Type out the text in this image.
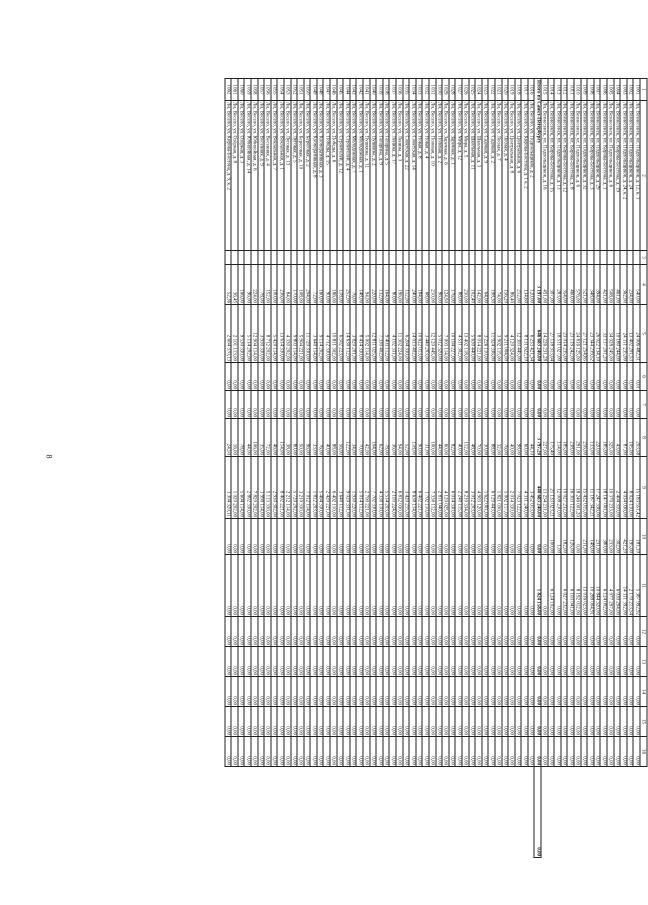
8
1	2	3	4	5	6	7	8	9	10	11	12	13	14	15	16	
1001	Лн, Вознесенск, ул. Подпольщиков, д. 12, к. 1		540,00	24 006 482,31	0,01	0,00	203,58	15 183 551,42	181,10	5 387 992,92	0,00	0,00	0,00	0,00	0,00	
1002	Лн, Вознесенск, ул. Подпольщиков, д. 24		234,00	13 402 201,53	0,00	0,00	105,00	8 024 110,00	195,00	2 170 213,54	0,00	0,00	0,00	0,00	0,00	
1003	Лн, Вознесенск, ул. Подпольщиков, д. 24, к. 2		362,00	24 111 235,00	0,00	0,00	87,00	4 034 036,00	421,20	14 111 392,00	0,00	0,00	0,00	0,00	0,00	
1004	Лн, Вознесенск, ул. Кирова-Бостона, д. 19		461,00	10 180 244,00	0,00	0,00	43,00	2 404 310,00	302,00	6 030 294,00	0,00	0,00	0,00	0,00	0,00	
1005	Лн, Вознесенск, ул. Подпольщиков, д. 6		508,00	34 028 245,00	0,00	0,00	325,00	10 370 233,00	233,00	4 077 297,00	0,00	0,00	0,00	0,00	0,00	
1006	Лн, Вознесенск, ул. Кирова-Бостона, д. 1		421,00	33 117 201,20	0,00	0,00	185,00	18 147 001,00	380,00	6 124 002,00	0,00	0,00	0,00	0,00	0,00	
1007	Лн, Вознесенск, ул. Подпольщиков, д. 29		394,00	26 022 134,10	0,00	0,00	220,00	17 247 336,00	231,00	10 844 320,00	0,00	0,00	0,00	0,00	0,00	
1008	Лн, Вознесенск, ул. Кирова-Бостона, д. 3		348,00	23 344 239,52	0,00	0,00	133,00	11 187 342,21	148,00	10 288 004,91	0,00	0,00	0,00	0,00	0,00	
1009	Лн, Вознесенск, ул. Подпольщиков, д. 32		521,00	27 121 254,65	0,00	0,00	216,00	15 432 015,00	211,00	13 016 023,00	0,00	0,00	0,00	0,00	0,00	
1010	Лн, Вознесенск, ул. Подпольщиков, д. 6		576,00	24 816 125,00	0,00	0,00	291,00	18 246 001,20	0,00	8 192 012,00	0,00	0,00	0,00	0,00	0,00	
1011	Лн, Вознесенск, ул. Кирова-Бостона, д. 8		460,00	23 119 242,00	0,00	0,00	238,00	16 303 122,00	126,00	6 103 041,00	0,00	0,00	0,00	0,00	0,00	
1012	Лн, Вознесенск, ул. Кирова-Бостона, д. 12		354,00	23 014 235,00	0,00	0,00	185,00	10 027 232,00	182,00	6 027 232,00	0,00	0,00	0,00	0,00	0,00	
1013	Лн, Вознесенск, ул. Подпольщиков, д. 13		283,00	18 511 027,00	0,00	0,00	114,00	12 008 230,00	1,00	0,00	0,00	0,00	0,00	0,00	0,00	
1014	Лн, Вознесенск, ул. Кирова-Бостона, д. 15		307,00	27 118 313,04	0,00	0,00	175,40	21 133 023,21	100,00	6 124 102,00	0,00	0,00	0,00	0,00	0,00	
1015	Лн, Вознесенск, ул. Подпольщиков, д. 16		451,00	14 226 231,28	0,00	0,00	227,00	11 234 211,00	0,00	0,00	0,00	0,00	0,00	0,00	0,00	
Итого по Санкт-Петербургу			3 197,00	646 683 240,00	0,00	0,00	3 797,20	440 683 240,00	0,00	1 824 158,00	0,00	0,00	0,00	0,00	0,00	0,00
1016	Лн, Весело, ул. Подпольщиков, д. 2		120,00	6 233 421,34	0,00	0,00	44,10	3 452 013,00	0,00	0,00	0,00	0,00	0,00	0,00	0,00	
1017	Лн, Весело, ул. Кирова-Бостона, д. 1 к. 2		134,60	8 131 622,10	0,00	0,00	60,00	4 311 240,00	0,00	0,00	0,00	0,00	0,00	0,00	0,00	
1018	Лн, Весело, ул. Центральная, д. 6		212,00	12 303 445,00	0,00	0,00	98,00	7 023 122,00	0,00	0,00	0,00	0,00	0,00	0,00	0,00	
1019	Лн, Весело, ул. Центральная, д. 8		86,40	4 120 324,00	0,00	0,00	40,00	2 014 330,00	0,00	0,00	0,00	0,00	0,00	0,00	0,00	
1020	Лн, Весело, ул. Лесная, д. 4		156,20	9 211 004,00	0,00	0,00	76,00	5 002 117,00	0,00	0,00	0,00	0,00	0,00	0,00	0,00	
1021	Лн, Весело, ул. Лесная, д. 7		74,00	3 902 115,00	0,00	0,00	32,00	1 821 030,00	0,00	0,00	0,00	0,00	0,00	0,00	0,00	
1022	Лн, Весело, ул. Садовая, д. 2		198,30	11 024 336,00	0,00	0,00	88,00	6 120 443,00	0,00	0,00	0,00	0,00	0,00	0,00	0,00	
1023	Лн, Весело, ул. Садовая, д. 9		64,00	3 226 110,00	0,00	0,00	30,00	1 622 001,00	0,00	0,00	0,00	0,00	0,00	0,00	0,00	
1024	Лн, Весело, ул. Школьная, д. 3		142,00	8 014 221,00	0,00	0,00	70,00	4 903 120,00	0,00	0,00	0,00	0,00	0,00	0,00	0,00	
1025	Лн, Весело, ул. Школьная, д. 11		102,40	5 630 440,00	0,00	0,00	48,00	3 012 203,00	0,00	0,00	0,00	0,00	0,00	0,00	0,00	
1026	Лн, Весело, ул. Мира, д. 5		230,00	13 402 118,00	0,00	0,00	112,00	8 210 334,00	0,00	0,00	0,00	0,00	0,00	0,00	0,00	
1027	Лн, Весело, ул. Мира, д. 12		88,00	4 511 302,00	0,00	0,00	40,00	2 240 115,00	0,00	0,00	0,00	0,00	0,00	0,00	0,00	
1028	Лн, Весело, ул. Заречная, д. 1		176,00	10 104 227,00	0,00	0,00	82,00	6 014 330,00	0,00	0,00	0,00	0,00	0,00	0,00	0,00	
1029	Лн, Весело, ул. Заречная, д. 6		124,50	7 003 114,00	0,00	0,00	60,00	4 120 025,00	0,00	0,00	0,00	0,00	0,00	0,00	0,00	
1030	Лн, Весело, ул. Полевая, д. 2		96,00	5 012 320,00	0,00	0,00	44,00	2 811 040,00	0,00	0,00	0,00	0,00	0,00	0,00	0,00	
1031	Лн, Весело, ул. Полевая, д. 10		210,00	12 120 445,00	0,00	0,00	100,00	7 330 112,00	0,00	0,00	0,00	0,00	0,00	0,00	0,00	
1032	Лн, Весело, ул. Новая, д. 4		68,00	3 440 203,00	0,00	0,00	31,00	1 702 110,00	0,00	0,00	0,00	0,00	0,00	0,00	0,00	
1033	Лн, Весело, ул. Новая, д. 8		184,00	10 622 013,00	0,00	0,00	90,00	6 402 221,00	0,00	0,00	0,00	0,00	0,00	0,00	0,00	
1034	Лн, Весело, ул. Советская, д. 14		240,00	14 013 402,00	0,00	0,00	118,00	8 630 114,00	0,00	0,00	0,00	0,00	0,00	0,00	0,00	
1035	Лн, Весело, ул. Советская, д. 22		112,00	6 204 330,00	0,00	0,00	52,00	3 420 215,00	0,00	0,00	0,00	0,00	0,00	0,00	0,00	
1036	Лн, Весело, ул. Ленина, д. 3		196,00	11 302 224,00	0,00	0,00	94,00	6 812 030,00	0,00	0,00	0,00	0,00	0,00	0,00	0,00	
1037	Лн, Весело, ул. Ленина, д. 17		80,00	4 102 331,00	0,00	0,00	36,00	2 103 224,00	0,00	0,00	0,00	0,00	0,00	0,00	0,00	
1038	Лн, Весело, ул. Гагарина, д. 5		164,00	9 403 112,00	0,00	0,00	78,00	5 514 203,00	0,00	0,00	0,00	0,00	0,00	0,00	0,00	
1039	Лн, Весело, ул. Гагарина, д. 9		132,00	7 330 402,00	0,00	0,00	62,00	4 330 110,00	0,00	0,00	0,00	0,00	0,00	0,00	0,00	
1040	Лн, Весело, ул. Пушкина, д. 2		220,00	12 811 025,00	0,00	0,00	104,00	7 702 330,00	0,00	0,00	0,00	0,00	0,00	0,00	0,00	
1041	Лн, Весело, ул. Пушкина, д. 11		94,00	5 002 114,00	0,00	0,00	42,00	2 700 221,00	0,00	0,00	0,00	0,00	0,00	0,00	0,00	
1042	Лн, Весело, ул. Молодёжная, д. 1		148,00	8 414 330,00	0,00	0,00	70,00	5 014 112,00	0,00	0,00	0,00	0,00	0,00	0,00	0,00	
1043	Лн, Весело, ул. Молодёжная, д. 7		76,00	3 820 201,00	0,00	0,00	34,00	1 930 220,00	0,00	0,00	0,00	0,00	0,00	0,00	0,00	
1044	Лн, Весело, ул. Строителей, д. 4		252,00	14 630 112,00	0,00	0,00	122,00	9 020 331,00	0,00	0,00	0,00	0,00	0,00	0,00	0,00	
1045	Лн, Весело, ул. Строителей, д. 12		118,00	6 502 223,00	0,00	0,00	56,00	3 640 112,00	0,00	0,00	0,00	0,00	0,00	0,00	0,00	
1046	Лн, Весело, ул. Победы, д. 6		186,00	10 811 302,00	0,00	0,00	88,00	6 402 110,00	0,00	0,00	0,00	0,00	0,00	0,00	0,00	
1047	Лн, Весело, ул. Победы, д. 15		90,00	4 712 330,00	0,00	0,00	40,00	2 420 221,00	0,00	0,00	0,00	0,00	0,00	0,00	0,00	
1048	Лн, Весело, ул. Кооперативная, д. 3		160,00	9 114 202,00	0,00	0,00	76,00	5 404 330,00	0,00	0,00	0,00	0,00	0,00	0,00	0,00	
1049	Лн, Весело, ул. Кооперативная, д. 8		72,00	3 640 114,00	0,00	0,00	33,00	1 812 203,00	0,00	0,00	0,00	0,00	0,00	0,00	0,00	
1050	Лн, Весело, ул. Береговая, д. 2		204,00	11 720 330,00	0,00	0,00	96,00	7 012 114,00	0,00	0,00	0,00	0,00	0,00	0,00	0,00	
1051	Лн, Весело, ул. Береговая, д. 10		108,00	5 904 221,00	0,00	0,00	50,00	3 210 330,00	0,00	0,00	0,00	0,00	0,00	0,00	0,00	
1052	Лн, Весело, ул. Луговая, д. 5		170,00	9 803 114,00	0,00	0,00	80,00	5 720 202,00	0,00	0,00	0,00	0,00	0,00	0,00	0,00	
1053	Лн, Весело, ул. Луговая, д. 13		84,00	4 330 202,00	0,00	0,00	38,00	2 212 114,00	0,00	0,00	0,00	0,00	0,00	0,00	0,00	
1054	Лн, Весело, ул. Вокзальная, д. 1		236,00	13 614 330,00	0,00	0,00	114,00	8 402 221,00	0,00	0,00	0,00	0,00	0,00	0,00	0,00	
1055	Лн, Весело, ул. Вокзальная, д. 7		100,00	5 420 114,00	0,00	0,00	46,00	2 930 302,00	0,00	0,00	0,00	0,00	0,00	0,00	0,00	
1056	Лн, Весело, ул. Весенняя, д. 4		152,00	8 712 202,00	0,00	0,00	72,00	5 113 330,00	0,00	0,00	0,00	0,00	0,00	0,00	0,00	
1057	Лн, Весело, ул. Весенняя, д. 9		78,00	3 930 330,00	0,00	0,00	35,00	1 990 114,00	0,00	0,00	0,00	0,00	0,00	0,00	0,00	
1058	Лн, Весело, ул. Юбилейная, д. 6		224,00	12 904 114,00	0,00	0,00	106,00	7 820 202,00	0,00	0,00	0,00	0,00	0,00	0,00	0,00	
1059	Лн, Весело, ул. Юбилейная, д. 14		96,00	5 114 202,00	0,00	0,00	44,00	2 802 330,00	0,00	0,00	0,00	0,00	0,00	0,00	0,00	
1060	Лн, Весело, ул. Озёрная, д. 3		166,00	9 530 330,00	0,00	0,00	78,00	5 604 114,00	0,00	0,00	0,00	0,00	0,00	0,00	0,00	
1061	Лн, Весело, ул. Озёрная, д. 8		36,45	2 101 113,00	0,00	0,00	16,00	1 020 202,00	0,00	0,00	0,00	0,00	0,00	0,00	0,00	
1062	Лн, Весело, ул. Кирова-Бостона, д. 9, к. 2		52,36	2 604 370,13	0,00	0,00	24,50	1 304 320,11	0,00	0,00	0,00	0,00	0,00	0,00	0,00	
